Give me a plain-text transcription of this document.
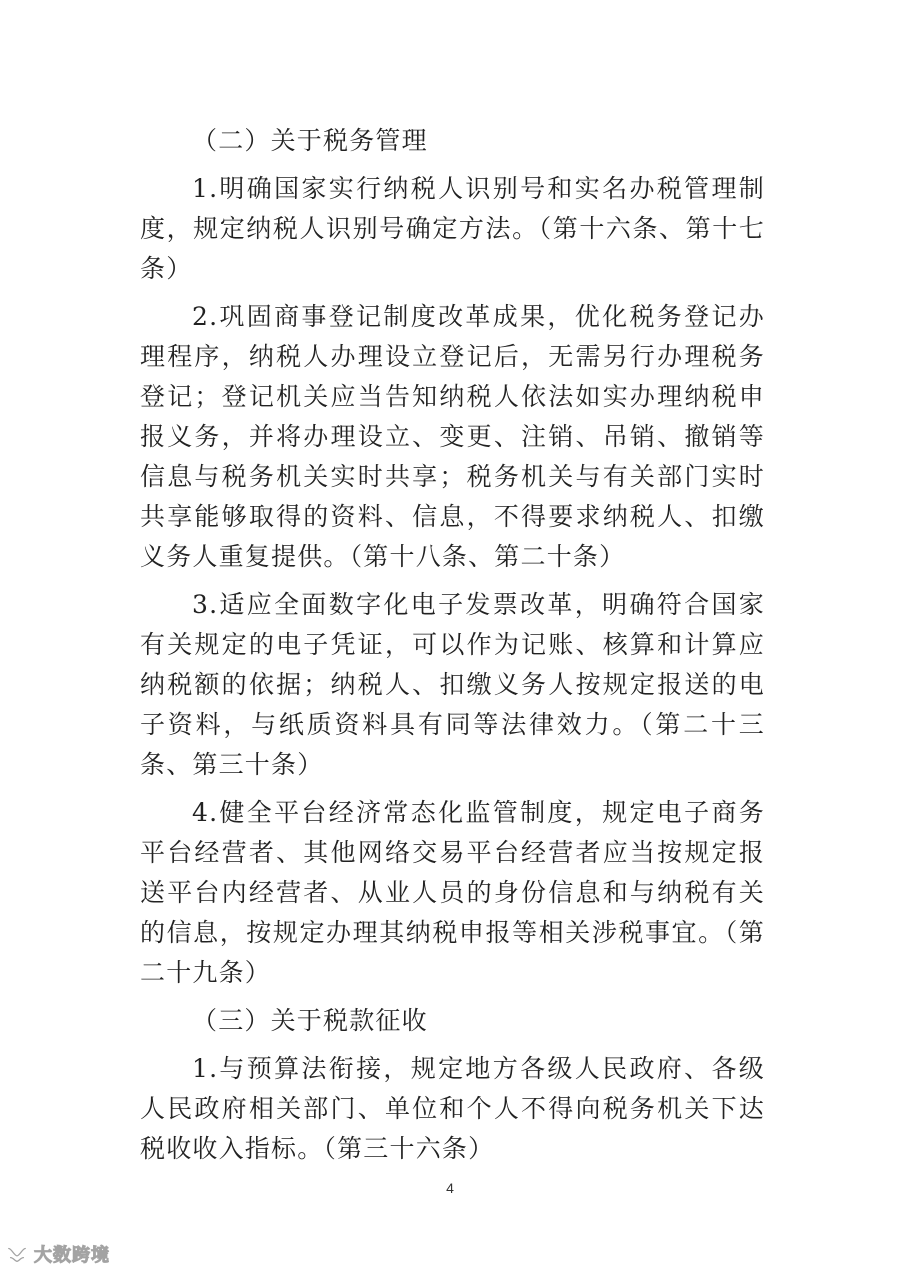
（二）关于税务管理

1.明确国家实行纳税人识别号和实名办税管理制度，规定纳税人识别号确定方法。（第十六条、第十七条）

2.巩固商事登记制度改革成果，优化税务登记办理程序，纳税人办理设立登记后，无需另行办理税务登记；登记机关应当告知纳税人依法如实办理纳税申报义务，并将办理设立、变更、注销、吊销、撤销等信息与税务机关实时共享；税务机关与有关部门实时共享能够取得的资料、信息，不得要求纳税人、扣缴义务人重复提供。（第十八条、第二十条）

3.适应全面数字化电子发票改革，明确符合国家有关规定的电子凭证，可以作为记账、核算和计算应纳税额的依据；纳税人、扣缴义务人按规定报送的电子资料，与纸质资料具有同等法律效力。（第二十三条、第三十条）

4.健全平台经济常态化监管制度，规定电子商务平台经营者、其他网络交易平台经营者应当按规定报送平台内经营者、从业人员的身份信息和与纳税有关的信息，按规定办理其纳税申报等相关涉税事宜。（第二十九条）

（三）关于税款征收

1.与预算法衔接，规定地方各级人民政府、各级人民政府相关部门、单位和个人不得向税务机关下达税收收入指标。（第三十六条）

4
大数跨境
